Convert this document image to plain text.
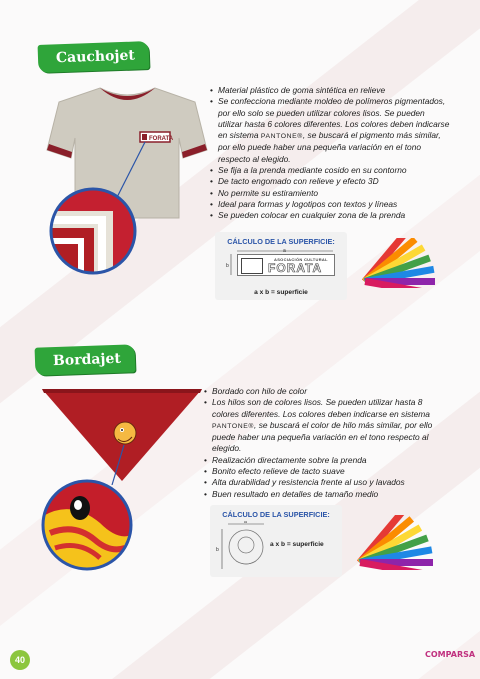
Cauchojet
FORATA
• Material plástico de goma sintética en relieve
• Se confecciona mediante moldeo de polímeros pigmentados, por ello solo se pueden utilizar colores lisos. Se pueden utilizar hasta 6 colores diferentes. Los colores deben indicarse en sistema PANTONE®, se buscará el pigmento más similar, por ello puede haber una pequeña variación en el tono respecto al elegido.
• Se fija a la prenda mediante cosido en su contorno
• De tacto engomado con relieve y efecto 3D
• No permite su estiramiento
• Ideal para formas y logotipos con textos y líneas
• Se pueden colocar en cualquier zona de la prenda
CÁLCULO DE LA SUPERFICIE:
ASOCIACIÓN CULTURAL
FORATA
a
b
a x b = superficie
Bordajet
• Bordado con hilo de color
• Los hilos son de colores lisos. Se pueden utilizar hasta 8 colores diferentes. Los colores deben indicarse en sistema PANTONE®, se buscará el color de hilo más similar, por ello puede haber una pequeña variación en el tono respecto al elegido.
• Realización directamente sobre la prenda
• Bonito efecto relieve de tacto suave
• Alta durabilidad y resistencia frente al uso y lavados
• Buen resultado en detalles de tamaño medio
CÁLCULO DE LA SUPERFICIE:
a
b
a x b = superficie
40
COMPARSA
